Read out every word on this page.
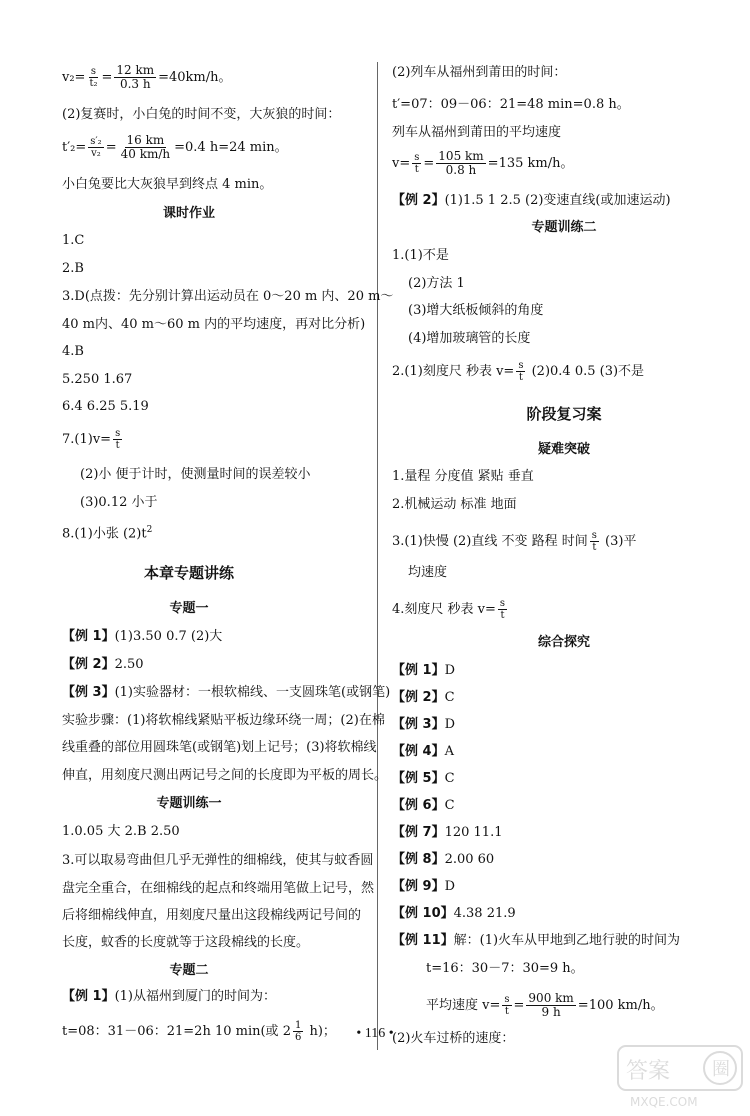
$v_2= \frac{s}{\text{t₂}} = \frac{12 km}{0.3 h} =40km/h$。
(2)复赛时，小白兔的时间不变，大灰狼的时间：
$t'_2= \frac{\text{s′₂}}{\text{v₂}} = \frac{16 km}{40 km/h} =0.4$ h=24 min。
小白兔要比大灰狼早到终点 4 min。
课时作业
1.C
2.B
3.D(点拨：先分别计算出运动员在 0～20 m 内、20 m～
40 m内、40 m～60 m 内的平均速度，再对比分析)
4.B
5.250 1.67
6.4 6.25 5.19
$7.(1)v= \frac{s}{t}$
(2)小 便于计时，使测量时间的误差较小
(3)0.12 小于
8.(1)小张 $(2)t^2$
本章专题讲练
专题一
【例 1】(1)3.50 0.7 (2)大
【例 2】2.50
【例 3】(1)实验器材：一根软棉线、一支圆珠笔(或钢笔)
实验步骤：(1)将软棉线紧贴平板边缘环绕一周；(2)在棉
线重叠的部位用圆珠笔(或钢笔)划上记号；(3)将软棉线
伸直，用刻度尺测出两记号之间的长度即为平板的周长。
专题训练一
1.0.05 大 2.B 2.50
3.可以取易弯曲但几乎无弹性的细棉线，使其与蚊香圆
盘完全重合，在细棉线的起点和终端用笔做上记号，然
后将细棉线伸直，用刻度尺量出这段棉线两记号间的
长度，蚊香的长度就等于这段棉线的长度。
专题二
【例 1】(1)从福州到厦门的时间为：
t=08：31－06：21=2h 10 min(或 $2 \frac{1}{6} h$)；
(2)列车从福州到莆田的时间：
t′=07：09－06：21=48 min=0.8 h。
列车从福州到莆田的平均速度
$v= \frac{s}{t} = \frac{105 km}{0.8 h} =135$ km/h。
【例 2】(1)1.5 1 2.5 (2)变速直线(或加速运动)
专题训练二
1.(1)不是
(2)方法 1
(3)增大纸板倾斜的角度
(4)增加玻璃管的长度
2.(1)刻度尺 秒表 $v= \frac{s}{t} (2)0.4$ 0.5 (3)不是
阶段复习案
疑难突破
1.量程 分度值 紧贴 垂直
2.机械运动 标准 地面
3.(1)快慢 (2)直线 不变 路程 时间 $\frac{s}{t} (3)$平
均速度
4.刻度尺 秒表 $v= \frac{s}{t}$
综合探究
【例 1】D
【例 2】C
【例 3】D
【例 4】A
【例 5】C
【例 6】C
【例 7】120 11.1
【例 8】2.00 60
【例 9】D
【例 10】4.38 21.9
【例 11】解：(1)火车从甲地到乙地行驶的时间为
t=16：30－7：30=9 h。
平均速度 $v= \frac{s}{t} = \frac{900 km}{9 h} =100$ km/h。
(2)火车过桥的速度：
• 116 •
答案 圈
MXQE.COM
